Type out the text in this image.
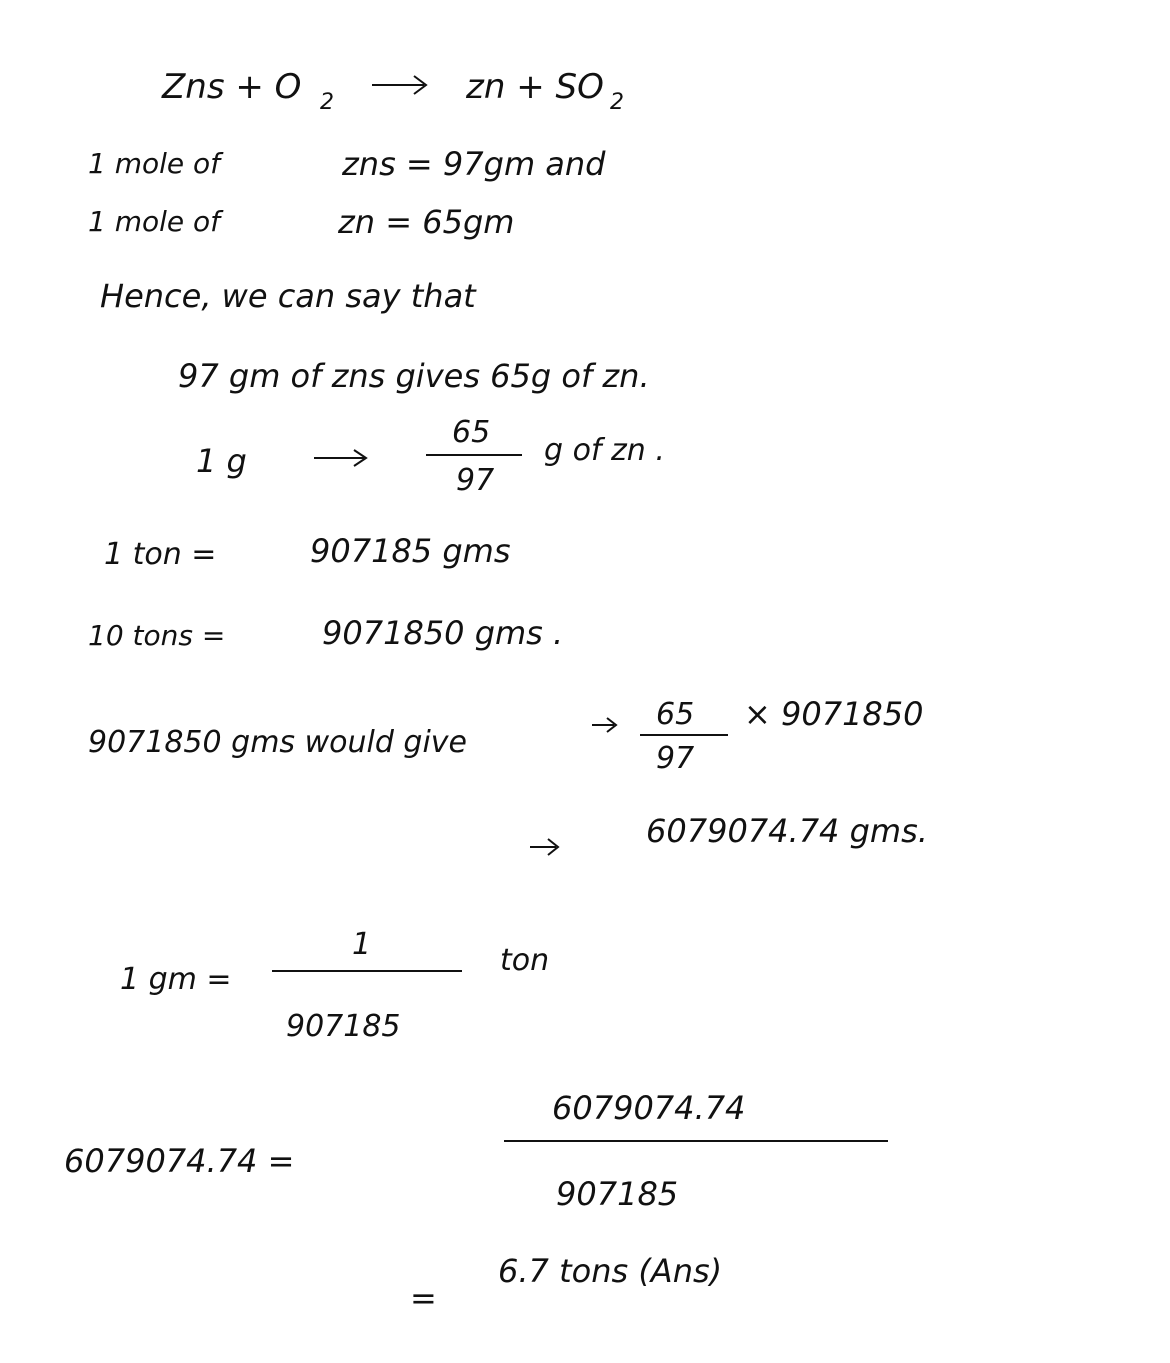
Zns + O 2	zn + SO 2
1 mole of	zns = 97gm and
1 mole of	zn = 65gm
Hence, we can say that
97 gm of zns gives 65g of zn.
1 g
65
97
g of zn .
1 ton =	907185 gms
10 tons =	9071850 gms .
9071850 gms would give
65
97
× 9071850
6079074.74 gms.
1 gm =
1
907185
ton
6079074.74 =
6079074.74
907185
=
6.7 tons (Ans)
